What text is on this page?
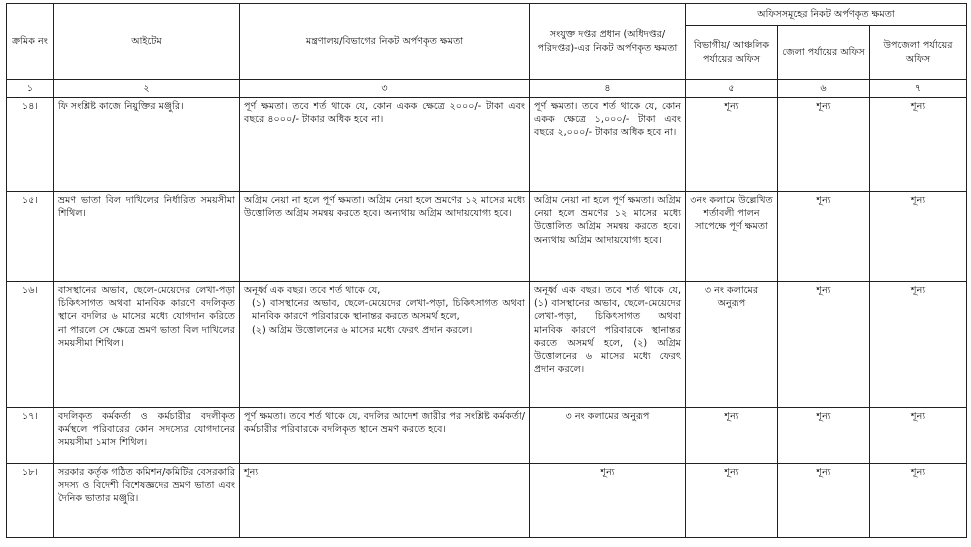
ক্রমিক নং	আইটেম	মন্ত্রণালয়/বিভাগের নিকট অর্পণকৃত ক্ষমতা	সংযুক্ত দপ্তর প্রধান (অধিদপ্তর/পরিদপ্তর)-এর নিকট অর্পণকৃত ক্ষমতা	অফিসসমূহের নিকট অর্পণকৃত ক্ষমতা		
				বিভাগীয়/ আঞ্চলিক পর্যায়ের অফিস	জেলা পর্যায়ের অফিস	উপজেলা পর্যায়ের অফিস
১	২	৩	৪	৫	৬	৭
১৪।	ফি সংশ্লিষ্ট কাজে নিয়ুক্তির মঞ্জুরি।	পূর্ণ ক্ষমতা। তবে শর্ত থাকে যে, কোন একক ক্ষেত্রে ২০০০/- টাকা এবং বছরে ৪০০০/- টাকার অধিক হবে না।	পূর্ণ ক্ষমতা। তবে শর্ত থাকে যে, কোন একক ক্ষেত্রে ১,০০০/- টাকা এবং বছরে ২,০০০/- টাকার অধিক হবে না।	শূন্য	শূন্য	শূন্য
১৫।	ভ্রমণ ভাতা বিল দাখিলের নির্ধারিত সময়সীমা শিথিল।	অগ্রিম নেয়া না হলে পূর্ণ ক্ষমতা। অগ্রিম নেয়া হলে ভ্রমণের ১২ মাসের মধ্যে উত্তোলিত অগ্রিম সমন্বয় করতে হবে। অন্যথায় অগ্রিম আদায়যোগ্য হবে।	অগ্রিম নেয়া না হলে পূর্ণ ক্ষমতা। অগ্রিম নেয়া হলে ভ্রমণের ১২ মাসের মধ্যে উত্তোলিত অগ্রিম সমন্বয় করতে হবে। অন্যথায় অগ্রিম আদায়যোগ্য হবে।	৩নং কলামে উল্লেখিত শর্তাবলী পালন সাপেক্ষে পূর্ণ ক্ষমতা	শূন্য	শূন্য
১৬।	বাসস্থানের অভাব, ছেলে-মেয়েদের লেখা-পড়া চিকিৎসাগত অথবা মানবিক কারণে বদলিকৃত স্থানে বদলির ৬ মাসের মধ্যে যোগদান করিতে না পারলে সে ক্ষেত্রে ভ্রমণ ভাতা বিল দাখিলের সময়সীমা শিথিল।	অনূর্ধ্ব এক বছর। তবে শর্ত থাকে যে,
(১) বাসস্থানের অভাব, ছেলে-মেয়েদের লেখা-পড়া, চিকিৎসাগত অথবা মানবিক কারণে পরিবারকে স্থানান্তর করতে অসমর্থ হলে,
(২) অগ্রিম উত্তোলনের ৬ মাসের মধ্যে ফেরৎ প্রদান করলে।	অনূর্ধ্ব এক বছর। তবে শর্ত থাকে যে, (১) বাসস্থানের অভাব, ছেলে-মেয়েদের লেখা-পড়া, চিকিৎসাগত অথবা মানবিক কারণে পরিবারকে স্থানান্তর করতে অসমর্থ হলে, (২) অগ্রিম উত্তোলনের ৬ মাসের মধ্যে ফেরৎ প্রদান করলে।	৩ নং কলামের অনুরূপ	শূন্য	শূন্য
১৭।	বদলিকৃত কর্মকর্তা ও কর্মচারীর বদলীকৃত কর্মস্থলে পরিবারের কোন সদস্যের যোগদানের সময়সীমা ১মাস শিথিল।	পূর্ণ ক্ষমতা। তবে শর্ত থাকে যে, বদলির আদেশ জারীর পর সংশ্লিষ্ট কর্মকর্তা/কর্মচারীর পরিবারকে বদলিকৃত স্থানে ভ্রমণ করতে হবে।	৩ নং কলামের অনুরূপ	শূন্য	শূন্য	শূন্য
১৮।	সরকার কর্তৃক গঠিত কমিশন/কমিটির বেসরকারি সদস্য ও বিদেশী বিশেষজ্ঞদের ভ্রমণ ভাতা এবং দৈনিক ভাতার মঞ্জুরি।	শূন্য	শূন্য	শূন্য	শূন্য	শূন্য
